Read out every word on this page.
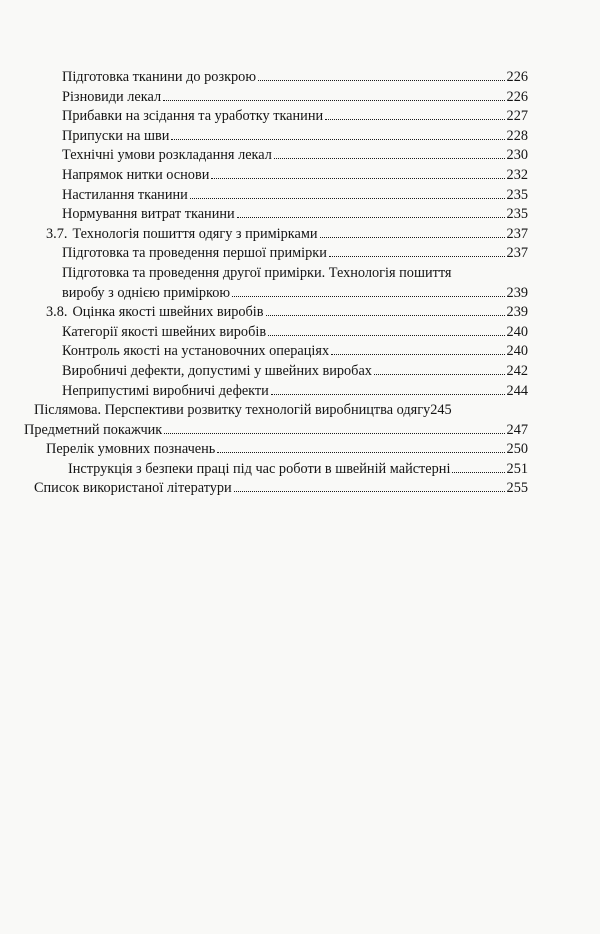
Підготовка тканини до розкрою	226
Різновиди лекал	226
Прибавки на зсідання та уработку тканини	227
Припуски на шви	228
Технічні умови розкладання лекал	230
Напрямок нитки основи	232
Настилання тканини	235
Нормування витрат тканини	235
3.7. Технологія пошиття одягу з примірками	237
Підготовка та проведення першої примірки	237
Підготовка та проведення другої примірки. Технологія пошиття
виробу з однією приміркою	239
3.8. Оцінка якості швейних виробів	239
Категорії якості швейних виробів	240
Контроль якості на установочних операціях	240
Виробничі дефекти, допустимі у швейних виробах	242
Неприпустимі виробничі дефекти	244
Післямова. Перспективи розвитку технологій виробництва одягу 245
Предметний покажчик	247
Перелік умовних позначень	250
Інструкція з безпеки праці під час роботи в швейній майстерні	251
Список використаної літератури	255
